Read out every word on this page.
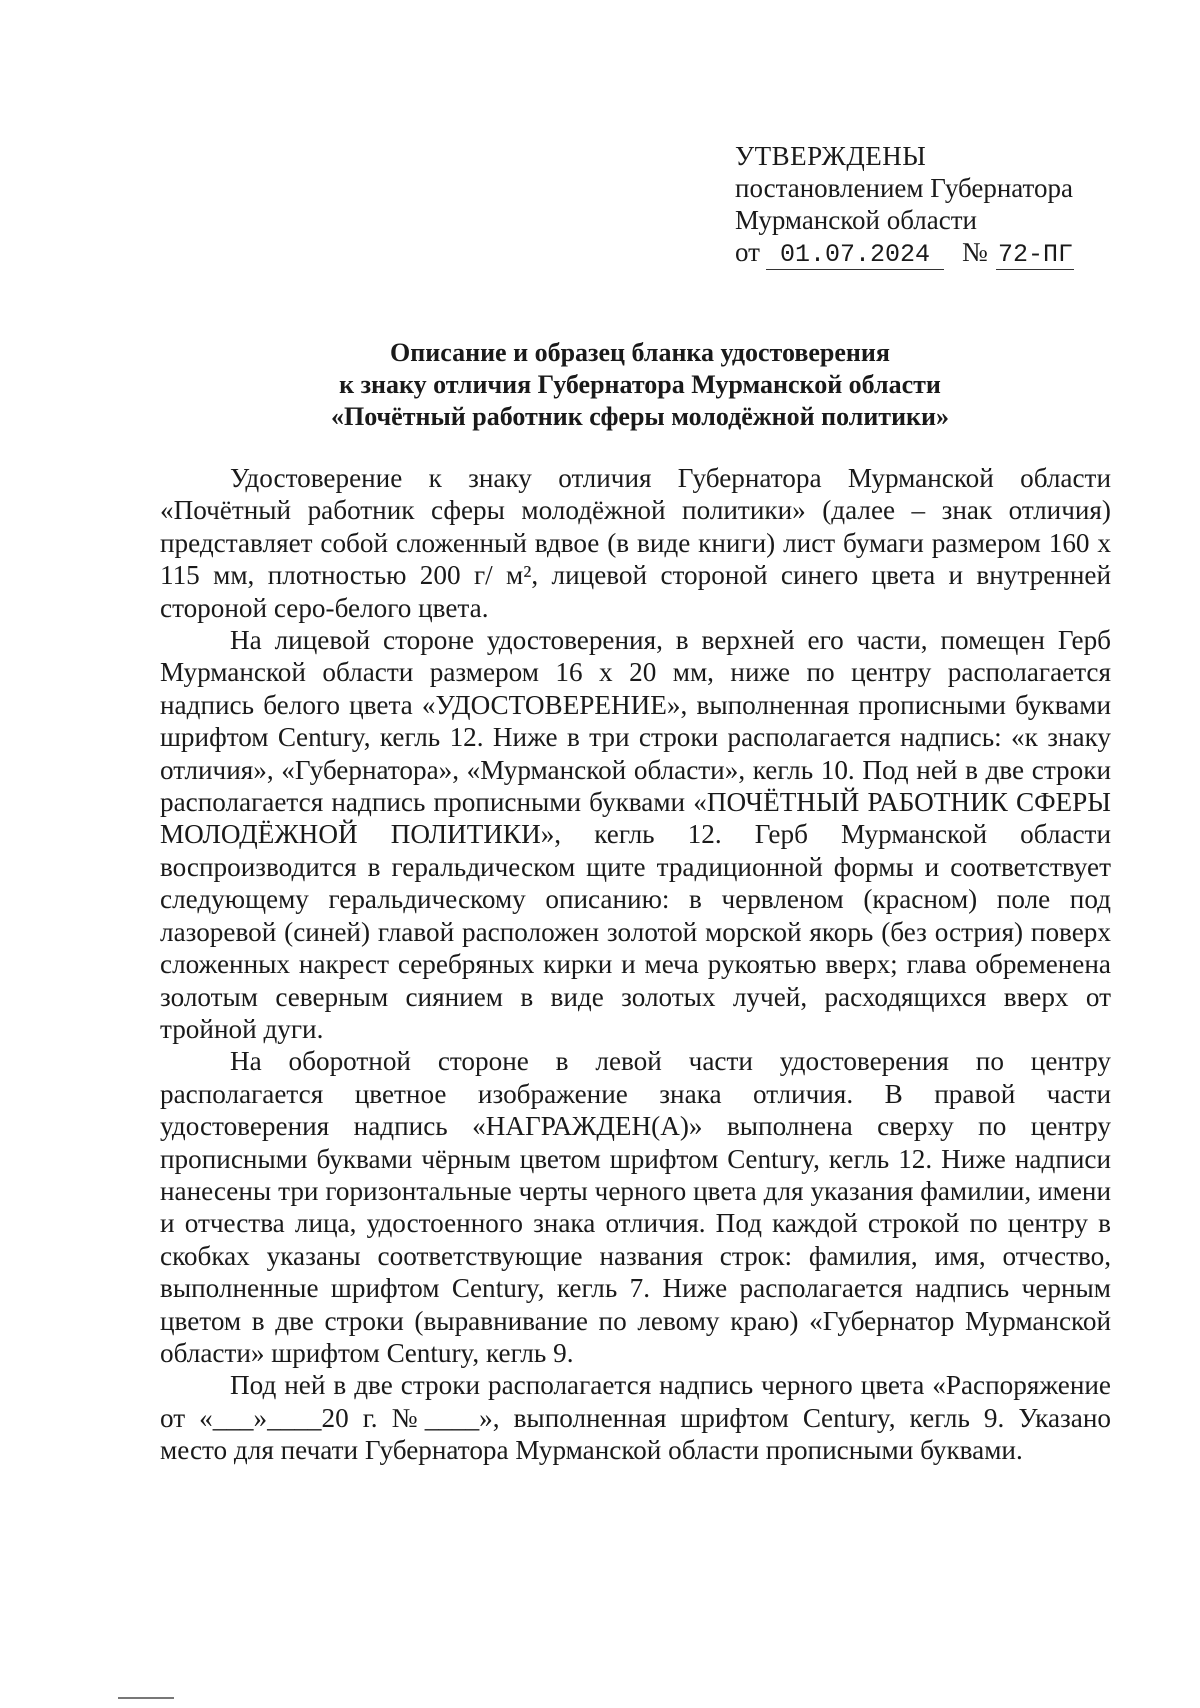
УТВЕРЖДЕНЫ
постановлением Губернатора
Мурманской области
от 01.07.2024 № 72-ПГ
Описание и образец бланка удостоверения
к знаку отличия Губернатора Мурманской области
«Почётный работник сферы молодёжной политики»

Удостоверение к знаку отличия Губернатора Мурманской области «Почётный работник сферы молодёжной политики» (далее – знак отличия) представляет собой сложенный вдвое (в виде книги) лист бумаги размером 160 x 115 мм, плотностью 200 г/ м², лицевой стороной синего цвета и внутренней стороной серо-белого цвета.

На лицевой стороне удостоверения, в верхней его части, помещен Герб Мурманской области размером 16 x 20 мм, ниже по центру располагается надпись белого цвета «УДОСТОВЕРЕНИЕ», выполненная прописными буквами шрифтом Century, кегль 12. Ниже в три строки располагается надпись: «к знаку отличия», «Губернатора», «Мурманской области», кегль 10. Под ней в две строки располагается надпись прописными буквами «ПОЧЁТНЫЙ РАБОТНИК СФЕРЫ МОЛОДЁЖНОЙ ПОЛИТИКИ», кегль 12. Герб Мурманской области воспроизводится в геральдическом щите традиционной формы и соответствует следующему геральдическому описанию: в червленом (красном) поле под лазоревой (синей) главой расположен золотой морской якорь (без острия) поверх сложенных накрест серебряных кирки и меча рукоятью вверх; глава обременена золотым северным сиянием в виде золотых лучей, расходящихся вверх от тройной дуги.

На оборотной стороне в левой части удостоверения по центру располагается цветное изображение знака отличия. В правой части удостоверения надпись «НАГРАЖДЕН(А)» выполнена сверху по центру прописными буквами чёрным цветом шрифтом Century, кегль 12. Ниже надписи нанесены три горизонтальные черты черного цвета для указания фамилии, имени и отчества лица, удостоенного знака отличия. Под каждой строкой по центру в скобках указаны соответствующие названия строк: фамилия, имя, отчество, выполненные шрифтом Century, кегль 7. Ниже располагается надпись черным цветом в две строки (выравнивание по левому краю) «Губернатор Мурманской области» шрифтом Century, кегль 9.

Под ней в две строки располагается надпись черного цвета «Распоряжение от «___»____20 г. №____», выполненная шрифтом Century, кегль 9. Указано место для печати Губернатора Мурманской области прописными буквами.
